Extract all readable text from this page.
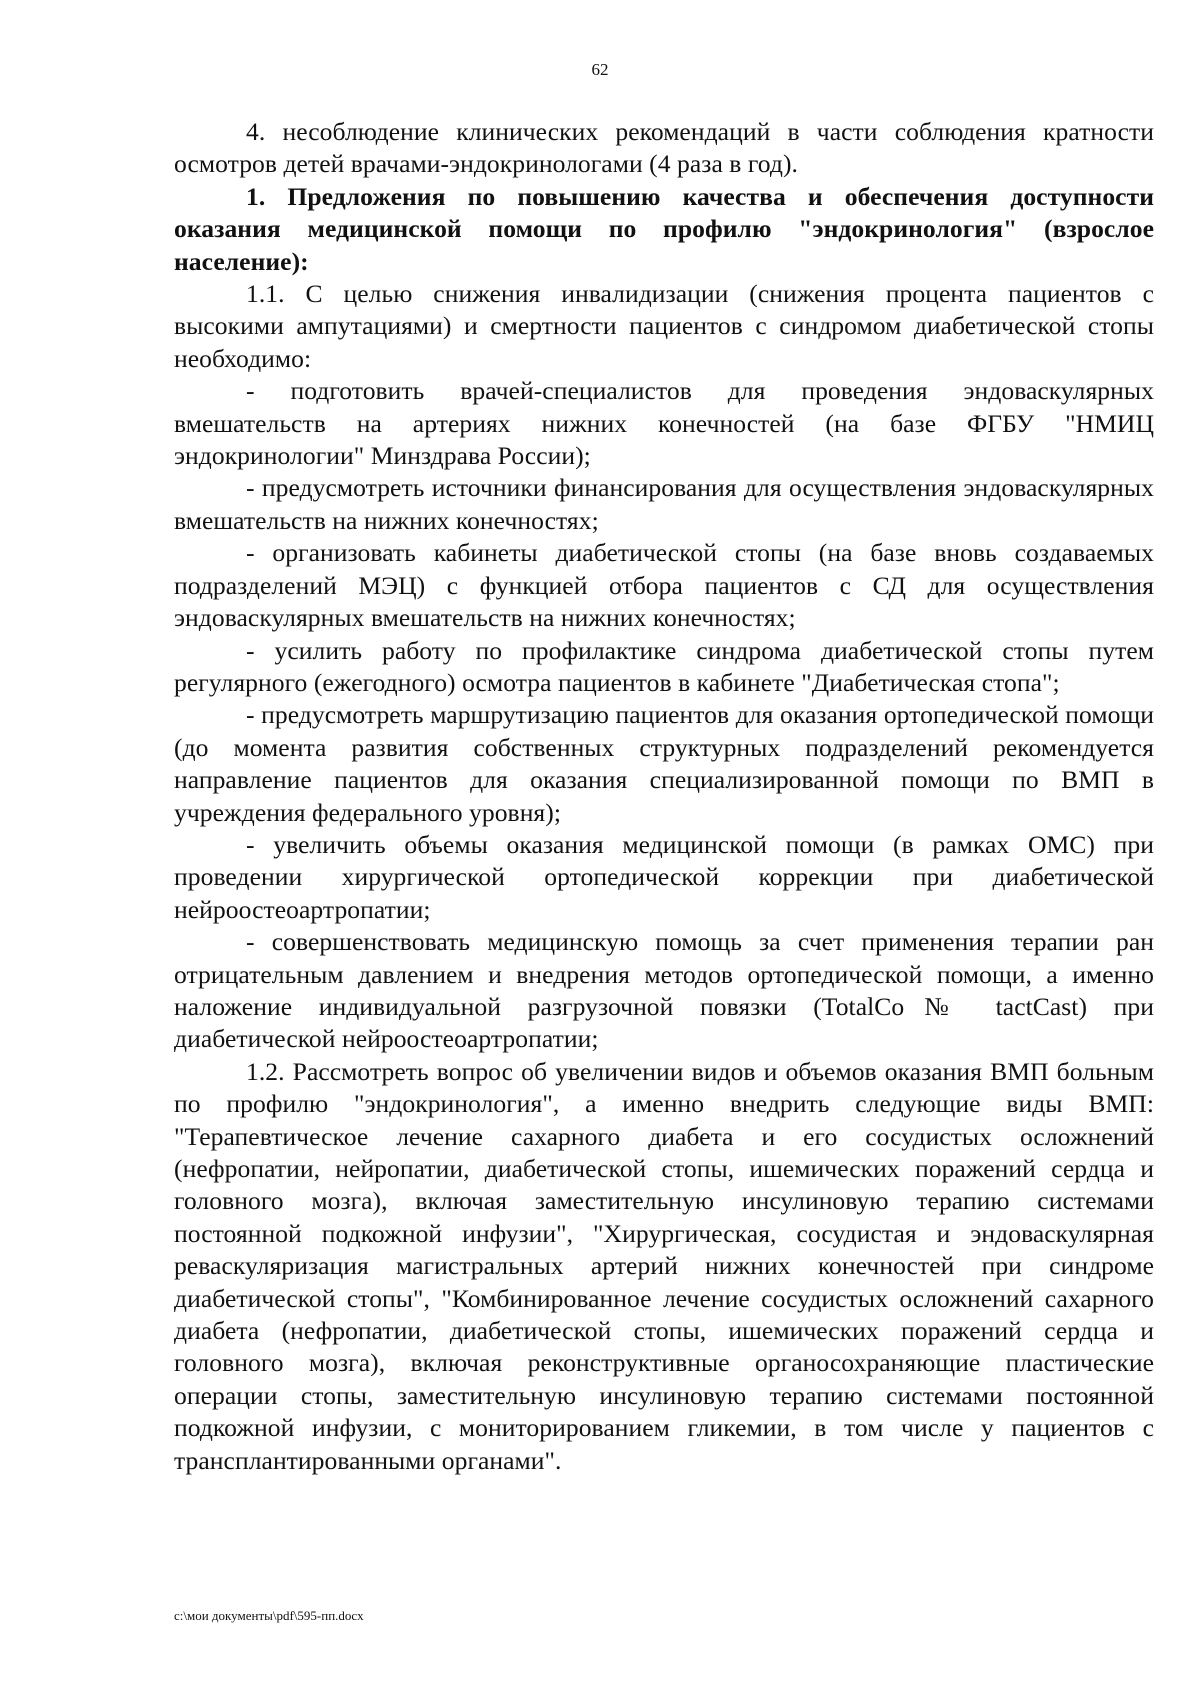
62

4. несоблюдение клинических рекомендаций в части соблюдения кратности осмотров детей врачами-эндокринологами (4 раза в год).

1. Предложения по повышению качества и обеспечения доступности оказания медицинской помощи по профилю "эндокринология" (взрослое население):

1.1. С целью снижения инвалидизации (снижения процента пациентов с высокими ампутациями) и смертности пациентов с синдромом диабетической стопы необходимо:

- подготовить врачей-специалистов для проведения эндоваскулярных вмешательств на артериях нижних конечностей (на базе ФГБУ "НМИЦ эндокринологии" Минздрава России);

- предусмотреть источники финансирования для осуществления эндоваскулярных вмешательств на нижних конечностях;

- организовать кабинеты диабетической стопы (на базе вновь создаваемых подразделений МЭЦ) с функцией отбора пациентов с СД для осуществления эндоваскулярных вмешательств на нижних конечностях;

- усилить работу по профилактике синдрома диабетической стопы путем регулярного (ежегодного) осмотра пациентов в кабинете "Диабетическая стопа";

- предусмотреть маршрутизацию пациентов для оказания ортопедической помощи (до момента развития собственных структурных подразделений рекомендуется направление пациентов для оказания специализированной помощи по ВМП в учреждения федерального уровня);

- увеличить объемы оказания медицинской помощи (в рамках ОМС) при проведении хирургической ортопедической коррекции при диабетической нейроостеоартропатии;

- совершенствовать медицинскую помощь за счет применения терапии ран отрицательным давлением и внедрения методов ортопедической помощи, а именно наложение индивидуальной разгрузочной повязки (TotalCo№ tactCast) при диабетической нейроостеоартропатии;

1.2. Рассмотреть вопрос об увеличении видов и объемов оказания ВМП больным по профилю "эндокринология", а именно внедрить следующие виды ВМП: "Терапевтическое лечение сахарного диабета и его сосудистых осложнений (нефропатии, нейропатии, диабетической стопы, ишемических поражений сердца и головного мозга), включая заместительную инсулиновую терапию системами постоянной подкожной инфузии", "Хирургическая, сосудистая и эндоваскулярная реваскуляризация магистральных артерий нижних конечностей при синдроме диабетической стопы", "Комбинированное лечение сосудистых осложнений сахарного диабета (нефропатии, диабетической стопы, ишемических поражений сердца и головного мозга), включая реконструктивные органосохраняющие пластические операции стопы, заместительную инсулиновую терапию системами постоянной подкожной инфузии, с мониторированием гликемии, в том числе у пациентов с трансплантированными органами".

c:\мои документы\pdf\595-пп.docx
